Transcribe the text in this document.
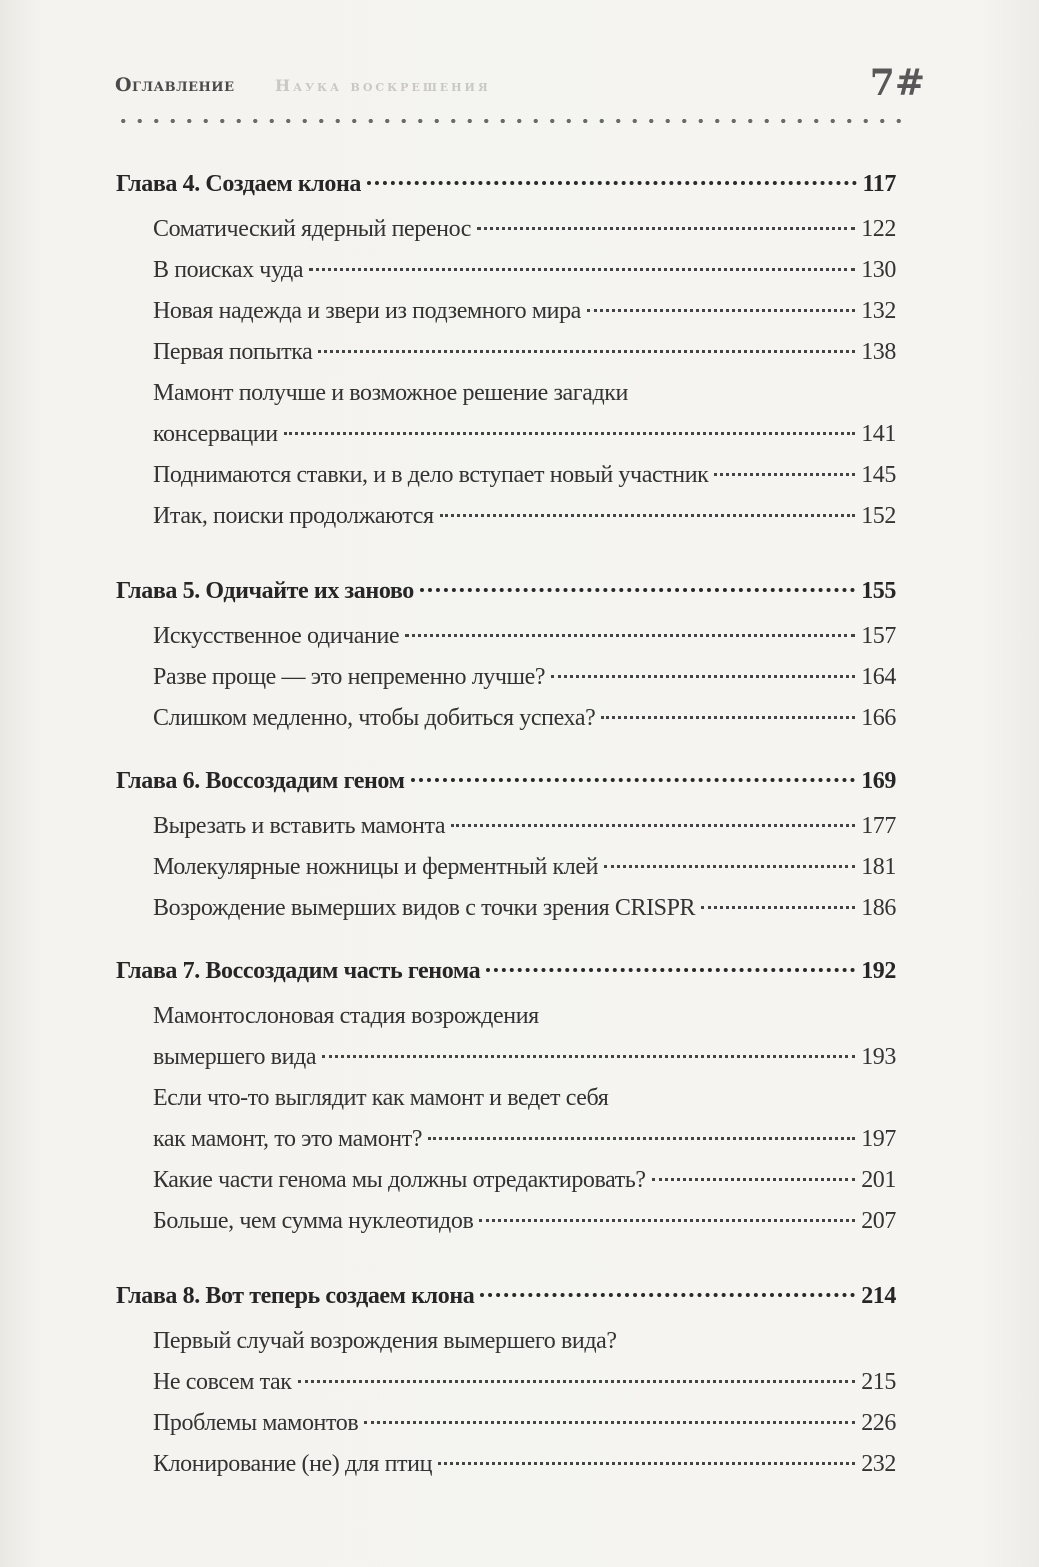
Оглавление	Наука воскрешения	7#
Глава 4. Создаем клона	117
Соматический ядерный перенос	122
В поисках чуда	130
Новая надежда и звери из подземного мира	132
Первая попытка	138
Мамонт получше и возможное решение загадки
консервации	141
Поднимаются ставки, и в дело вступает новый участник	145
Итак, поиски продолжаются	152
Глава 5. Одичайте их заново	155
Искусственное одичание	157
Разве проще — это непременно лучше?	164
Слишком медленно, чтобы добиться успеха?	166
Глава 6. Воссоздадим геном	169
Вырезать и вставить мамонта	177
Молекулярные ножницы и ферментный клей	181
Возрождение вымерших видов с точки зрения CRISPR	186
Глава 7. Воссоздадим часть генома	192
Мамонтослоновая стадия возрождения
вымершего вида	193
Если что-то выглядит как мамонт и ведет себя
как мамонт, то это мамонт?	197
Какие части генома мы должны отредактировать?	201
Больше, чем сумма нуклеотидов	207
Глава 8. Вот теперь создаем клона	214
Первый случай возрождения вымершего вида?
Не совсем так	215
Проблемы мамонтов	226
Клонирование (не) для птиц	232
